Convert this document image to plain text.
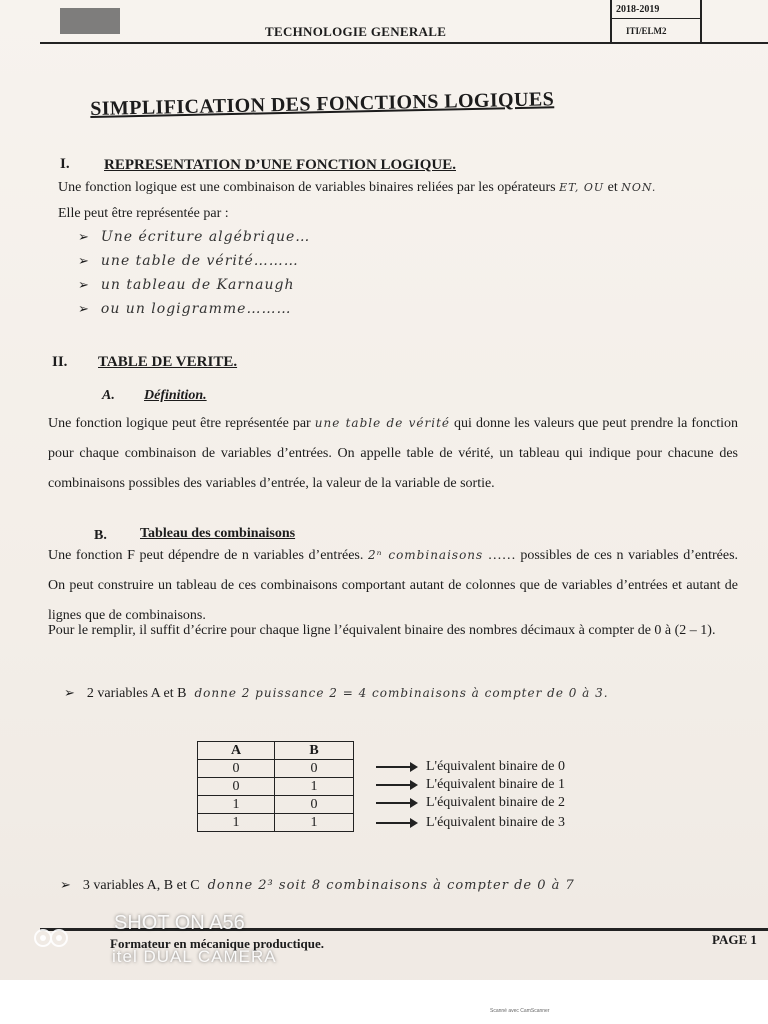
TECHNOLOGIE GENERALE
2018-2019
ITI/ELM2
SIMPLIFICATION DES FONCTIONS LOGIQUES
I. REPRESENTATION D’UNE FONCTION LOGIQUE.
Une fonction logique est une combinaison de variables binaires reliées par les opérateurs ET, OU et NON.
Elle peut être représentée par :
➢ Une écriture algébrique…
➢ une table de vérité………
➢ un tableau de Karnaugh
➢ ou un logigramme………
II. TABLE DE VERITE.
A. Définition.
Une fonction logique peut être représentée par une table de vérité qui donne les valeurs que peut prendre la fonction pour chaque combinaison de variables d’entrées. On appelle table de vérité, un tableau qui indique pour chacune des combinaisons possibles des variables d’entrée, la valeur de la variable de sortie.
B. Tableau des combinaisons
Une fonction F peut dépendre de n variables d’entrées. 2ⁿ combinaisons …… possibles de ces n variables d’entrées. On peut construire un tableau de ces combinaisons comportant autant de colonnes que de variables d’entrées et autant de lignes que de combinaisons.
Pour le remplir, il suffit d’écrire pour chaque ligne l’équivalent binaire des nombres décimaux à compter de 0 à (2 – 1).
➢ 2 variables A et B donne 2 puissance 2 = 4 combinaisons à compter de 0 à 3.
A	B
0	0
0	1
1	0
1	1
L'équivalent binaire de 0
L'équivalent binaire de 1
L'équivalent binaire de 2
L'équivalent binaire de 3
➢ 3 variables A, B et C donne 2³ soit 8 combinaisons à compter de 0 à 7
Formateur en mécanique productique.	PAGE 1
SHOT ON A56
itel DUAL CAMERA
Scanné avec CamScanner
